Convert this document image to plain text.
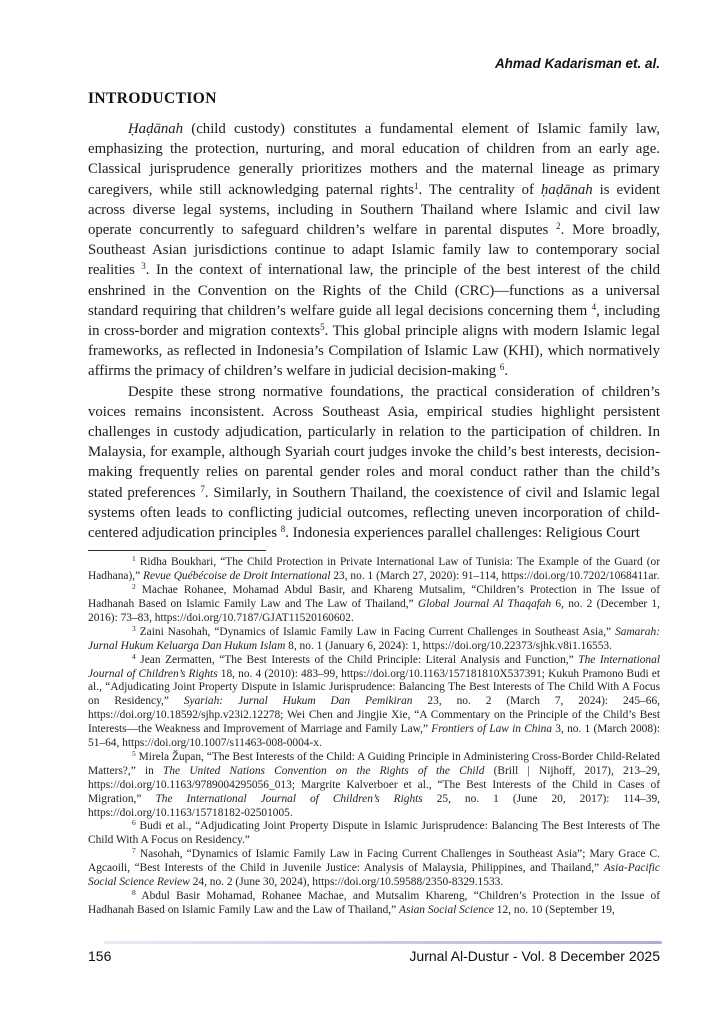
Ahmad Kadarisman et. al.
INTRODUCTION

Ḥaḍānah (child custody) constitutes a fundamental element of Islamic family law, emphasizing the protection, nurturing, and moral education of children from an early age. Classical jurisprudence generally prioritizes mothers and the maternal lineage as primary caregivers, while still acknowledging paternal rights$^1$. The centrality of ḥaḍānah is evident across diverse legal systems, including in Southern Thailand where Islamic and civil law operate concurrently to safeguard children’s welfare in parental disputes $^2$. More broadly, Southeast Asian jurisdictions continue to adapt Islamic family law to contemporary social realities $^3$. In the context of international law, the principle of the best interest of the child enshrined in the Convention on the Rights of the Child (CRC)—functions as a universal standard requiring that children’s welfare guide all legal decisions concerning them $^4$, including in cross-border and migration contexts$^5$. This global principle aligns with modern Islamic legal frameworks, as reflected in Indonesia’s Compilation of Islamic Law (KHI), which normatively affirms the primacy of children’s welfare in judicial decision-making $^6$.

Despite these strong normative foundations, the practical consideration of children’s voices remains inconsistent. Across Southeast Asia, empirical studies highlight persistent challenges in custody adjudication, particularly in relation to the participation of children. In Malaysia, for example, although Syariah court judges invoke the child’s best interests, decision-making frequently relies on parental gender roles and moral conduct rather than the child’s stated preferences $^7$. Similarly, in Southern Thailand, the coexistence of civil and Islamic legal systems often leads to conflicting judicial outcomes, reflecting uneven incorporation of child-centered adjudication principles $^8$. Indonesia experiences parallel challenges: Religious Court

$^1$ Ridha Boukhari, “The Child Protection in Private International Law of Tunisia: The Example of the Guard (or Hadhana),” Revue Québécoise de Droit International 23, no. 1 (March 27, 2020): 91–114, https://doi.org/10.7202/1068411ar.

$^2$ Machae Rohanee, Mohamad Abdul Basir, and Khareng Mutsalim, “Children’s Protection in The Issue of Hadhanah Based on Islamic Family Law and The Law of Thailand,” Global Journal Al Thaqafah 6, no. 2 (December 1, 2016): 73–83, https://doi.org/10.7187/GJAT11520160602.

$^3$ Zaini Nasohah, “Dynamics of Islamic Family Law in Facing Current Challenges in Southeast Asia,” Samarah: Jurnal Hukum Keluarga Dan Hukum Islam 8, no. 1 (January 6, 2024): 1, https://doi.org/10.22373/sjhk.v8i1.16553.

$^4$ Jean Zermatten, “The Best Interests of the Child Principle: Literal Analysis and Function,” The International Journal of Children’s Rights 18, no. 4 (2010): 483–99, https://doi.org/10.1163/157181810X537391; Kukuh Pramono Budi et al., “Adjudicating Joint Property Dispute in Islamic Jurisprudence: Balancing The Best Interests of The Child With A Focus on Residency,” Syariah: Jurnal Hukum Dan Pemikiran 23, no. 2 (March 7, 2024): 245–66, https://doi.org/10.18592/sjhp.v23i2.12278; Wei Chen and Jingjie Xie, “A Commentary on the Principle of the Child’s Best Interests—the Weakness and Improvement of Marriage and Family Law,” Frontiers of Law in China 3, no. 1 (March 2008): 51–64, https://doi.org/10.1007/s11463-008-0004-x.

$^5$ Mirela Župan, “The Best Interests of the Child: A Guiding Principle in Administering Cross-Border Child-Related Matters?,” in The United Nations Convention on the Rights of the Child (Brill | Nijhoff, 2017), 213–29, https://doi.org/10.1163/9789004295056_013; Margrite Kalverboer et al., “The Best Interests of the Child in Cases of Migration,” The International Journal of Children’s Rights 25, no. 1 (June 20, 2017): 114–39, https://doi.org/10.1163/15718182-02501005.

$^6$ Budi et al., “Adjudicating Joint Property Dispute in Islamic Jurisprudence: Balancing The Best Interests of The Child With A Focus on Residency.”

$^7$ Nasohah, “Dynamics of Islamic Family Law in Facing Current Challenges in Southeast Asia”; Mary Grace C. Agcaoili, “Best Interests of the Child in Juvenile Justice: Analysis of Malaysia, Philippines, and Thailand,” Asia-Pacific Social Science Review 24, no. 2 (June 30, 2024), https://doi.org/10.59588/2350-8329.1533.

$^8$ Abdul Basir Mohamad, Rohanee Machae, and Mutsalim Khareng, “Children’s Protection in the Issue of Hadhanah Based on Islamic Family Law and the Law of Thailand,” Asian Social Science 12, no. 10 (September 19,

156	Jurnal Al-Dustur - Vol. 8 December 2025
